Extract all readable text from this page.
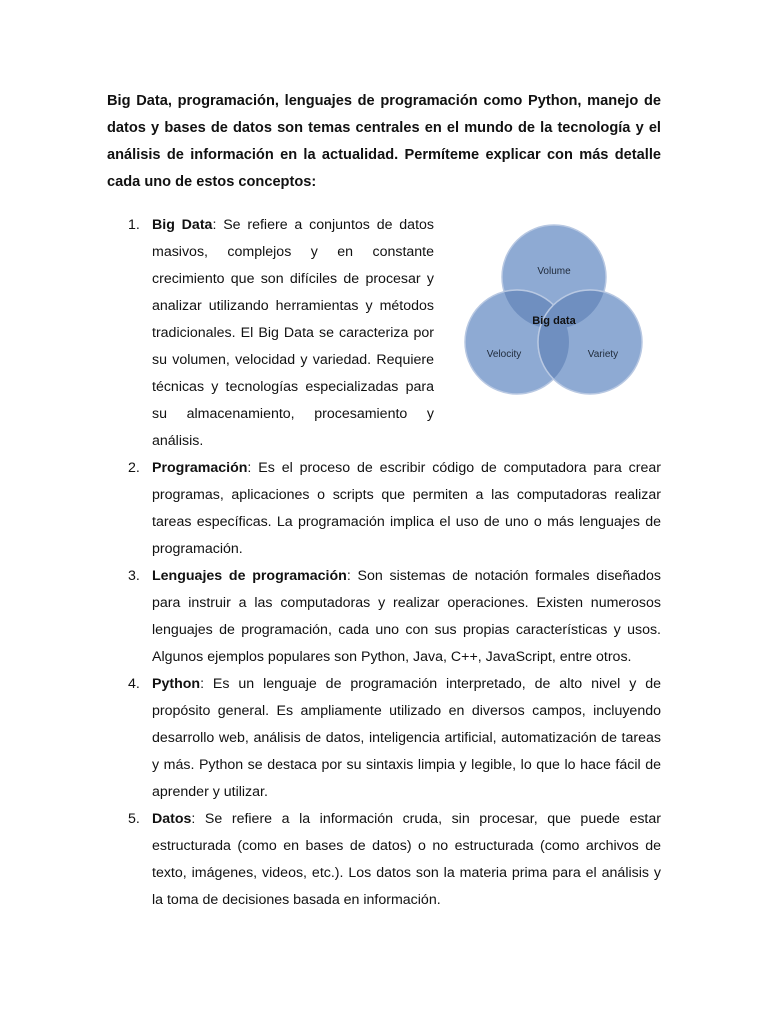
Big Data, programación, lenguajes de programación como Python, manejo de datos y bases de datos son temas centrales en el mundo de la tecnología y el análisis de información en la actualidad. Permíteme explicar con más detalle cada uno de estos conceptos:

1. Big Data: Se refiere a conjuntos de datos masivos, complejos y en constante crecimiento que son difíciles de procesar y analizar utilizando herramientas y métodos tradicionales. El Big Data se caracteriza por su volumen, velocidad y variedad. Requiere técnicas y tecnologías especializadas para su almacenamiento, procesamiento y análisis.
2. Programación: Es el proceso de escribir código de computadora para crear programas, aplicaciones o scripts que permiten a las computadoras realizar tareas específicas. La programación implica el uso de uno o más lenguajes de programación.
3. Lenguajes de programación: Son sistemas de notación formales diseñados para instruir a las computadoras y realizar operaciones. Existen numerosos lenguajes de programación, cada uno con sus propias características y usos. Algunos ejemplos populares son Python, Java, C++, JavaScript, entre otros.
4. Python: Es un lenguaje de programación interpretado, de alto nivel y de propósito general. Es ampliamente utilizado en diversos campos, incluyendo desarrollo web, análisis de datos, inteligencia artificial, automatización de tareas y más. Python se destaca por su sintaxis limpia y legible, lo que lo hace fácil de aprender y utilizar.
5. Datos: Se refiere a la información cruda, sin procesar, que puede estar estructurada (como en bases de datos) o no estructurada (como archivos de texto, imágenes, videos, etc.). Los datos son la materia prima para el análisis y la toma de decisiones basada en información.
Volume
Velocity	Variety
Big data
